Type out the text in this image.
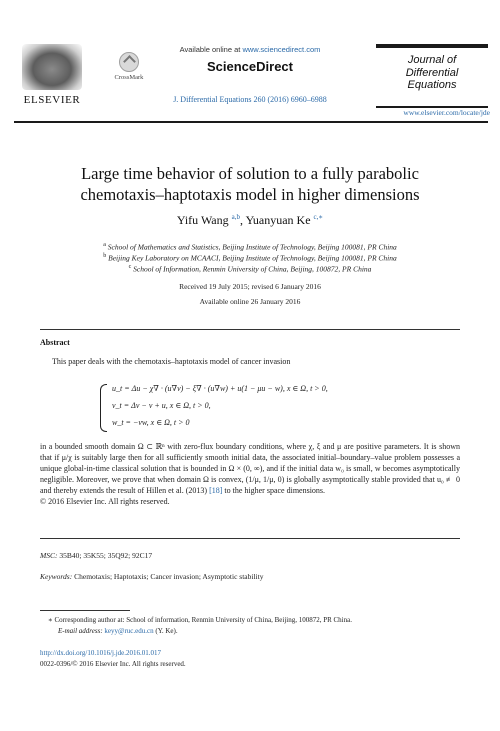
ELSEVIER
CrossMark
Available online at www.sciencedirect.com
ScienceDirect
J. Differential Equations 260 (2016) 6960–6988
Journal of
Differential
Equations
www.elsevier.com/locate/jde
Large time behavior of solution to a fully parabolic
chemotaxis–haptotaxis model in higher dimensions
Yifu Wang $^{a,b}$, Yuanyuan Ke $^{c,∗}$
$^a$ School of Mathematics and Statistics, Beijing Institute of Technology, Beijing 100081, PR China
$^b$ Beijing Key Laboratory on MCAACI, Beijing Institute of Technology, Beijing 100081, PR China
$^c$ School of Information, Renmin University of China, Beijing, 100872, PR China
Received 19 July 2015; revised 6 January 2016
Available online 26 January 2016
Abstract
This paper deals with the chemotaxis–haptotaxis model of cancer invasion
u_t = Δu − χ∇ · (u∇v) − ξ∇ · (u∇w) + u(1 − μu − w), x ∈ Ω, t > 0,
v_t = Δv − v + u, x ∈ Ω, t > 0,
w_t = −vw, x ∈ Ω, t > 0
in a bounded smooth domain Ω ⊂ ℝⁿ with zero-flux boundary conditions, where χ, ξ and μ are positive parameters. It is shown that if μ/χ is suitably large then for all sufficiently smooth initial data, the associated initial–boundary–value problem possesses a unique global-in-time classical solution that is bounded in Ω × (0, ∞), and if the initial data w₀ is small, w becomes asymptotically negligible. Moreover, we prove that when domain Ω is convex, (1/μ, 1/μ, 0) is globally asymptotically stable provided that u₀ ≢ 0 and thereby extends the result of Hillen et al. (2013) [18] to the higher space dimensions.
© 2016 Elsevier Inc. All rights reserved.
MSC: 35B40; 35K55; 35Q92; 92C17
Keywords: Chemotaxis; Haptotaxis; Cancer invasion; Asymptotic stability
∗ Corresponding author at: School of information, Renmin University of China, Beijing, 100872, PR China.
E-mail address: keyy@ruc.edu.cn (Y. Ke).
http://dx.doi.org/10.1016/j.jde.2016.01.017
0022-0396/© 2016 Elsevier Inc. All rights reserved.
